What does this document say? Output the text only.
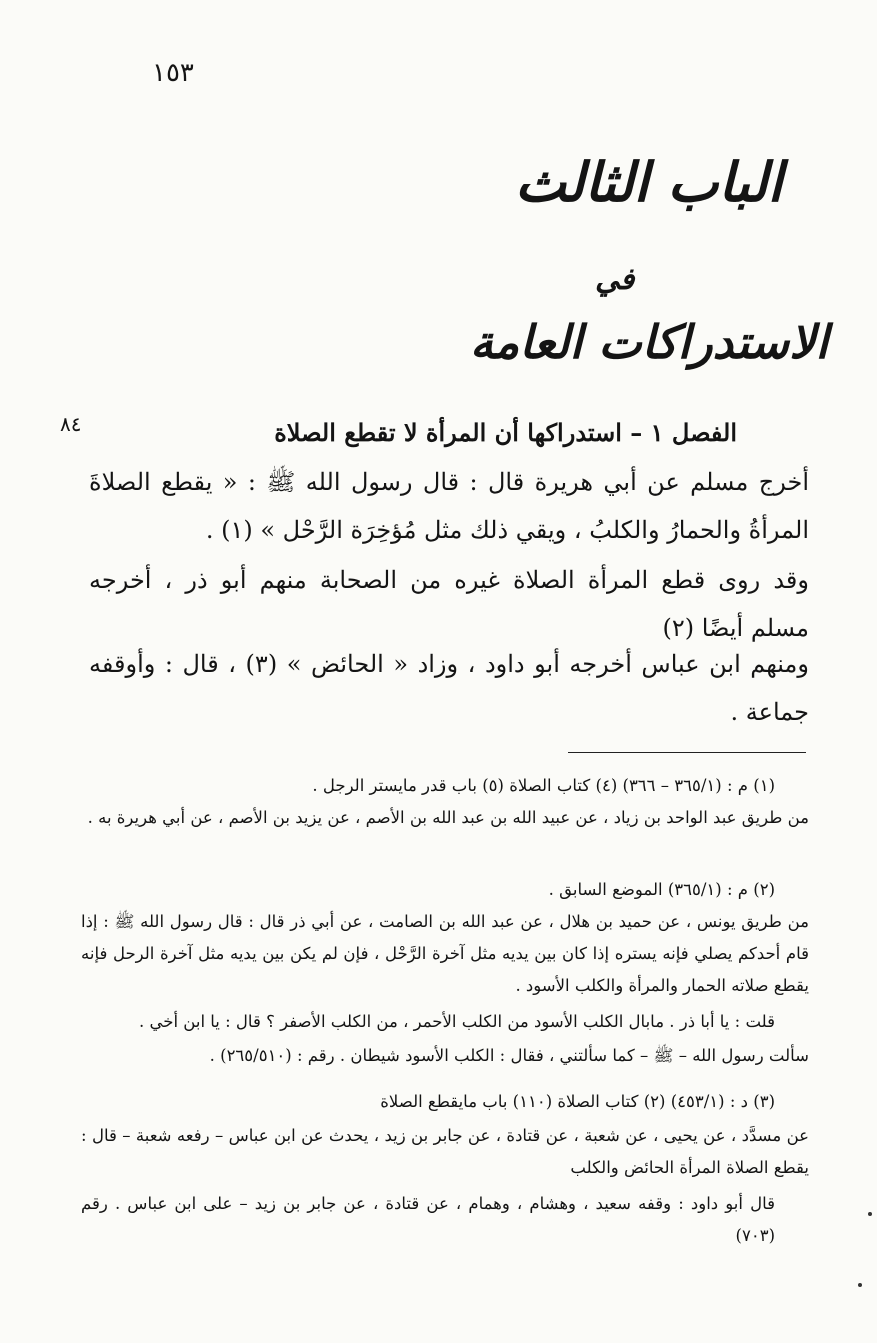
١٥٣
٨٤
الباب الثالث
في
الاستدراكات العامة
الفصل ١ – استدراكها أن المرأة لا تقطع الصلاة
أخرج مسلم عن أبي هريرة قال : قال رسول الله ﷺ : « يقطع الصلاةَ المرأةُ والحمارُ والكلبُ ، ويقي ذلك مثل مُؤخِرَة الرَّحْل » (١) .
وقد روى قطع المرأة الصلاة غيره من الصحابة منهم أبو ذر ، أخرجه مسلم أيضًا (٢)
ومنهم ابن عباس أخرجه أبو داود ، وزاد « الحائض » (٣) ، قال : وأوقفه جماعة .
(١) م : (٣٦٥/١ – ٣٦٦) (٤) كتاب الصلاة (٥) باب قدر مايستر الرجل .
من طريق عبد الواحد بن زياد ، عن عبيد الله بن عبد الله بن الأصم ، عن يزيد بن الأصم ، عن أبي هريرة به .
(٢) م : (٣٦٥/١) الموضع السابق .
من طريق يونس ، عن حميد بن هلال ، عن عبد الله بن الصامت ، عن أبي ذر قال : قال رسول الله ﷺ : إذا قام أحدكم يصلي فإنه يستره إذا كان بين يديه مثل آخرة الرَّحْل ، فإن لم يكن بين يديه مثل آخرة الرحل فإنه يقطع صلاته الحمار والمرأة والكلب الأسود .
قلت : يا أبا ذر . مابال الكلب الأسود من الكلب الأحمر ، من الكلب الأصفر ؟ قال : يا ابن أخي .
سألت رسول الله – ﷺ – كما سألتني ، فقال : الكلب الأسود شيطان . رقم : (٢٦٥/٥١٠) .
(٣) د : (٤٥٣/١) (٢) كتاب الصلاة (١١٠) باب مايقطع الصلاة
عن مسدَّد ، عن يحيى ، عن شعبة ، عن قتادة ، عن جابر بن زيد ، يحدث عن ابن عباس – رفعه شعبة – قال : يقطع الصلاة المرأة الحائض والكلب
قال أبو داود : وقفه سعيد ، وهشام ، وهمام ، عن قتادة ، عن جابر بن زيد – على ابن عباس . رقم (٧٠٣)
